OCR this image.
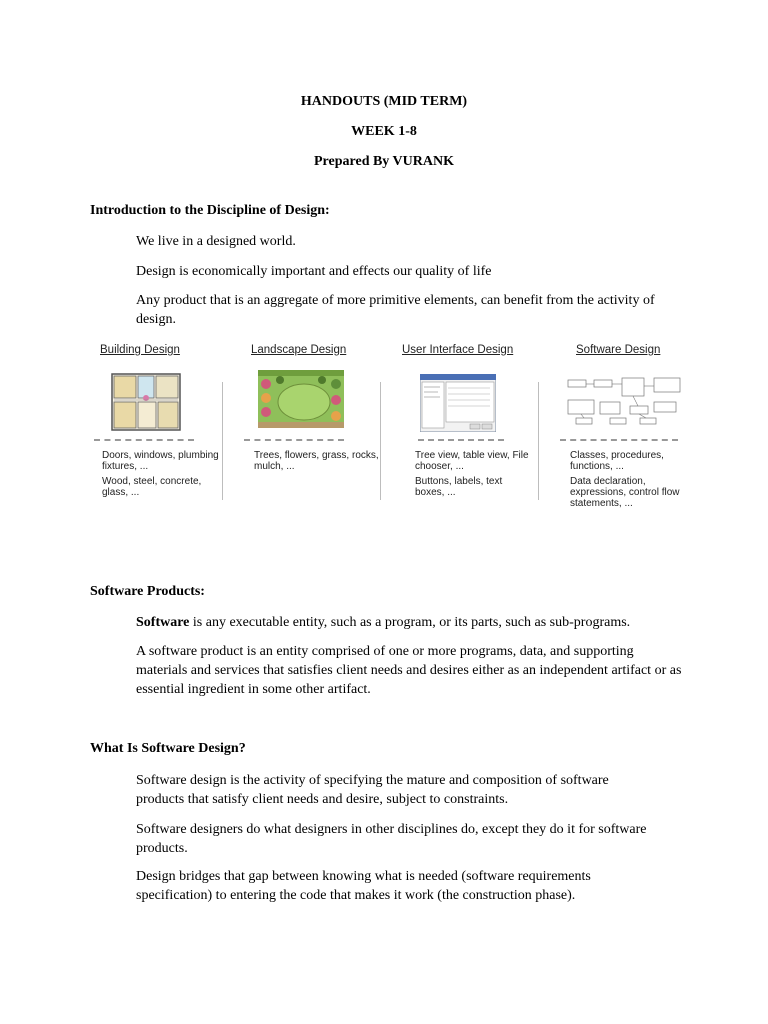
HANDOUTS (MID TERM)
WEEK 1-8
Prepared By VURANK
Introduction to the Discipline of Design:
We live in a designed world.
Design is economically important and effects our quality of life
Any product that is an aggregate of more primitive elements, can benefit from the activity of design.
Building Design
Doors, windows, plumbing fixtures, ...
Wood, steel, concrete, glass, ...
Landscape Design
Trees, flowers, grass, rocks, mulch, ...
User Interface Design
Tree view, table view, File chooser, ...
Buttons, labels, text boxes, ...
Software Design
Classes, procedures, functions, ...
Data declaration, expressions, control flow statements, ...
Software Products:
Software is any executable entity, such as a program, or its parts, such as sub-programs.
A software product is an entity comprised of one or more programs, data, and supporting materials and services that satisfies client needs and desires either as an independent artifact or as essential ingredient in some other artifact.
What Is Software Design?
Software design is the activity of specifying the mature and composition of software products that satisfy client needs and desire, subject to constraints.
Software designers do what designers in other disciplines do, except they do it for software products.
Design bridges that gap between knowing what is needed (software requirements specification) to entering the code that makes it work (the construction phase).
